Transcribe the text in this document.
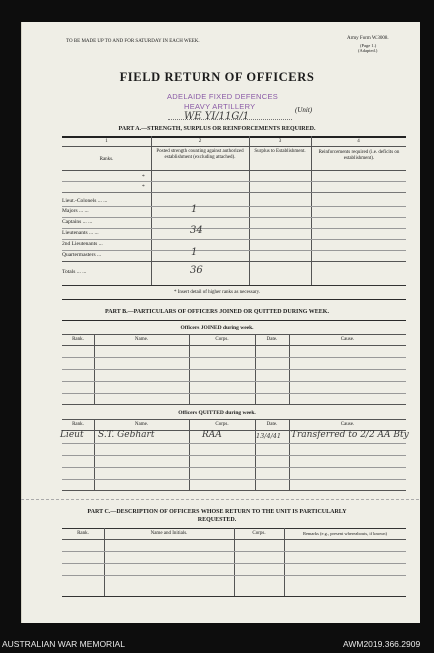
TO BE MADE UP TO AND FOR SATURDAY IN EACH WEEK.
Army Form W.3008.
(Page 1.)
(Adapted.)
FIELD RETURN OF OFFICERS
ADELAIDE FIXED DEFENCES
HEAVY ARTILLERY
WE YI/11G/1
(Unit)
PART A.—STRENGTH, SURPLUS OR REINFORCEMENTS REQUIRED.
1	2	3	4
Ranks.
Posted strength counting against authorized establishment (excluding attached).
Surplus to Establishment.	Reinforcements required (i.e. deficits on establishment).
*
*
Lieut.-Colonels ... ...
Majors ... ...	1
Captains ... ...
Lieutenants ... ...	34
2nd Lieutenants ...
Quartermasters ...	1
Totals ... ...	36
* Insert detail of higher ranks as necessary.
PART B.—PARTICULARS OF OFFICERS JOINED OR QUITTED DURING WEEK.
Officers JOINED during week.
Rank.	Name.	Corps.	Date.	Cause.
Officers QUITTED during week.
Rank.	Name.	Corps.	Date.	Cause.
Lieut S.T. Gebhart	RAA	13/4/41 Transferred to 2/2 AA Bty
PART C.—DESCRIPTION OF OFFICERS WHOSE RETURN TO THE UNIT IS PARTICULARLY
REQUESTED.
Rank.	Name and Initials.	Corps.	Remarks (e.g., present whereabouts, if known)
AUSTRALIAN WAR MEMORIAL	AWM2019.366.2909
